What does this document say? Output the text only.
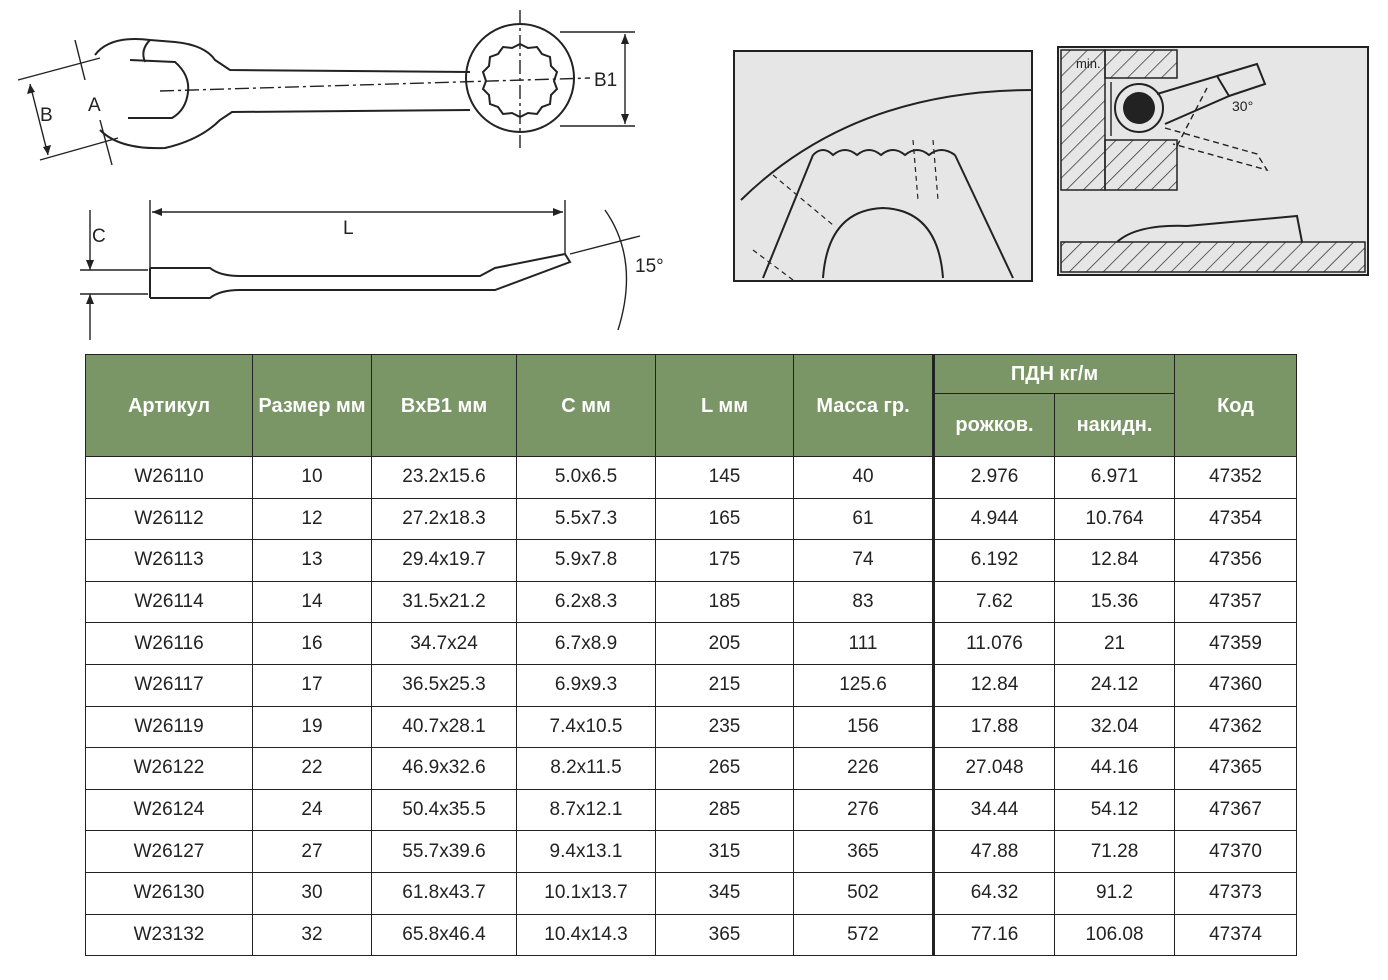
B A
B1
C	L
15°
min.
30°
Артикул	Размер мм	BxB1 мм	С мм	L мм	Масса гр.	ПДН кг/м		Код
						рожков.	накидн.	
W26110	10	23.2x15.6	5.0x6.5	145	40	2.976	6.971	47352
W26112	12	27.2x18.3	5.5x7.3	165	61	4.944	10.764	47354
W26113	13	29.4x19.7	5.9x7.8	175	74	6.192	12.84	47356
W26114	14	31.5x21.2	6.2x8.3	185	83	7.62	15.36	47357
W26116	16	34.7x24	6.7x8.9	205	111	11.076	21	47359
W26117	17	36.5x25.3	6.9x9.3	215	125.6	12.84	24.12	47360
W26119	19	40.7x28.1	7.4x10.5	235	156	17.88	32.04	47362
W26122	22	46.9x32.6	8.2x11.5	265	226	27.048	44.16	47365
W26124	24	50.4x35.5	8.7x12.1	285	276	34.44	54.12	47367
W26127	27	55.7x39.6	9.4x13.1	315	365	47.88	71.28	47370
W26130	30	61.8x43.7	10.1x13.7	345	502	64.32	91.2	47373
W23132	32	65.8x46.4	10.4x14.3	365	572	77.16	106.08	47374
